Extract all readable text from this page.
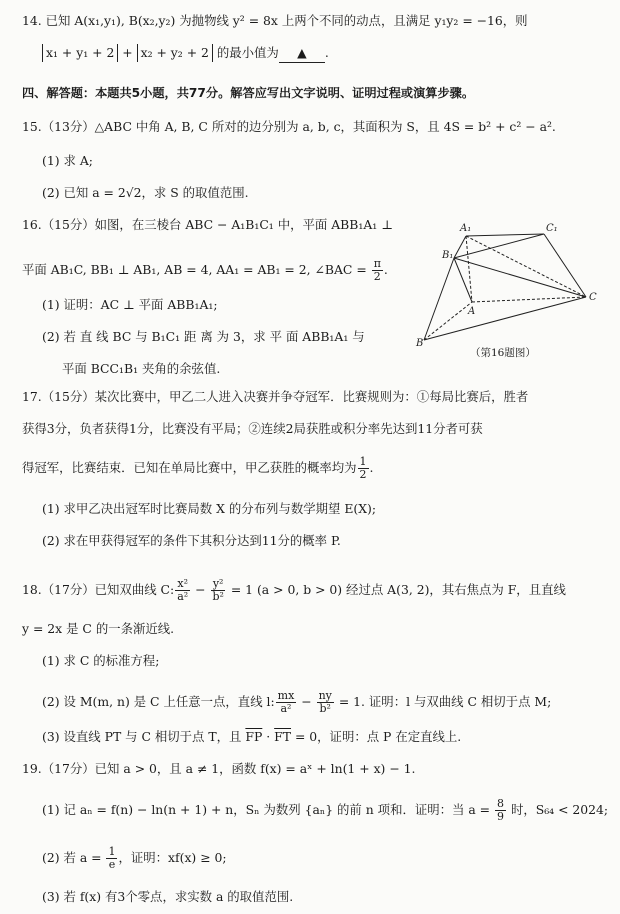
14. 已知 A(x₁,y₁), B(x₂,y₂) 为抛物线 y² = 8x 上两个不同的动点，且满足 y₁y₂ = −16，则
x₁ + y₁ + 2 + x₂ + y₂ + 2 的最小值为 ▲ .
四、解答题：本题共5小题，共77分。解答应写出文字说明、证明过程或演算步骤。
15.（13分）△ABC 中角 A, B, C 所对的边分别为 a, b, c，其面积为 S，且 4S = b² + c² − a².
(1) 求 A;
(2) 已知 a = 2√2，求 S 的取值范围.
16.（15分）如图，在三棱台 ABC − A₁B₁C₁ 中，平面 ABB₁A₁ ⊥
平面 AB₁C, BB₁ ⊥ AB₁, AB = 4, AA₁ = AB₁ = 2, ∠BAC = $\frac{\pi}{2}$ .
(1) 证明：AC ⊥ 平面 ABB₁A₁;
(2) 若 直 线 BC 与 B₁C₁ 距 离 为 3，求 平 面 ABB₁A₁ 与
平面 BCC₁B₁ 夹角的余弦值.
A₁	C₁
B₁
A
C
B
（第16题图）
17.（15分）某次比赛中，甲乙二人进入决赛并争夺冠军．比赛规则为：①每局比赛后，胜者
获得3分，负者获得1分，比赛没有平局；②连续2局获胜或积分率先达到11分者可获
得冠军，比赛结束．已知在单局比赛中，甲乙获胜的概率均为 $\frac{1}{2}$ .
(1) 求甲乙决出冠军时比赛局数 X 的分布列与数学期望 E(X);
(2) 求在甲获得冠军的条件下其积分达到11分的概率 P.
18.（17分）已知双曲线 C: $\frac{\text{x²}}{\text{a²}} - \frac{\text{y²}}{\text{b²}} = 1$ (a > 0, b > 0) 经过点 A(3, 2)，其右焦点为 F，且直线
y = 2x 是 C 的一条渐近线.
(1) 求 C 的标准方程;
(2) 设 M(m, n) 是 C 上任意一点，直线 l: $\frac{mx}{\text{a²}} - \frac{ny}{\text{b²}} = 1$. 证明：l 与双曲线 C 相切于点 M;
(3) 设直线 PT 与 C 相切于点 T，且 $\overline{FP} \cdot \overline{FT} = 0$，证明：点 P 在定直线上.
19.（17分）已知 a > 0，且 a ≠ 1，函数 f(x) = aˣ + ln(1 + x) − 1.
(1) 记 aₙ = f(n) − ln(n + 1) + n，Sₙ 为数列 {aₙ} 的前 n 项和．证明：当 $a = \frac{8}{9}$ 时，S₆₄ < 2024;
(2) 若 $a = \frac{1}{e}$ ，证明：xf(x) ≥ 0;
(3) 若 f(x) 有3个零点，求实数 a 的取值范围.
